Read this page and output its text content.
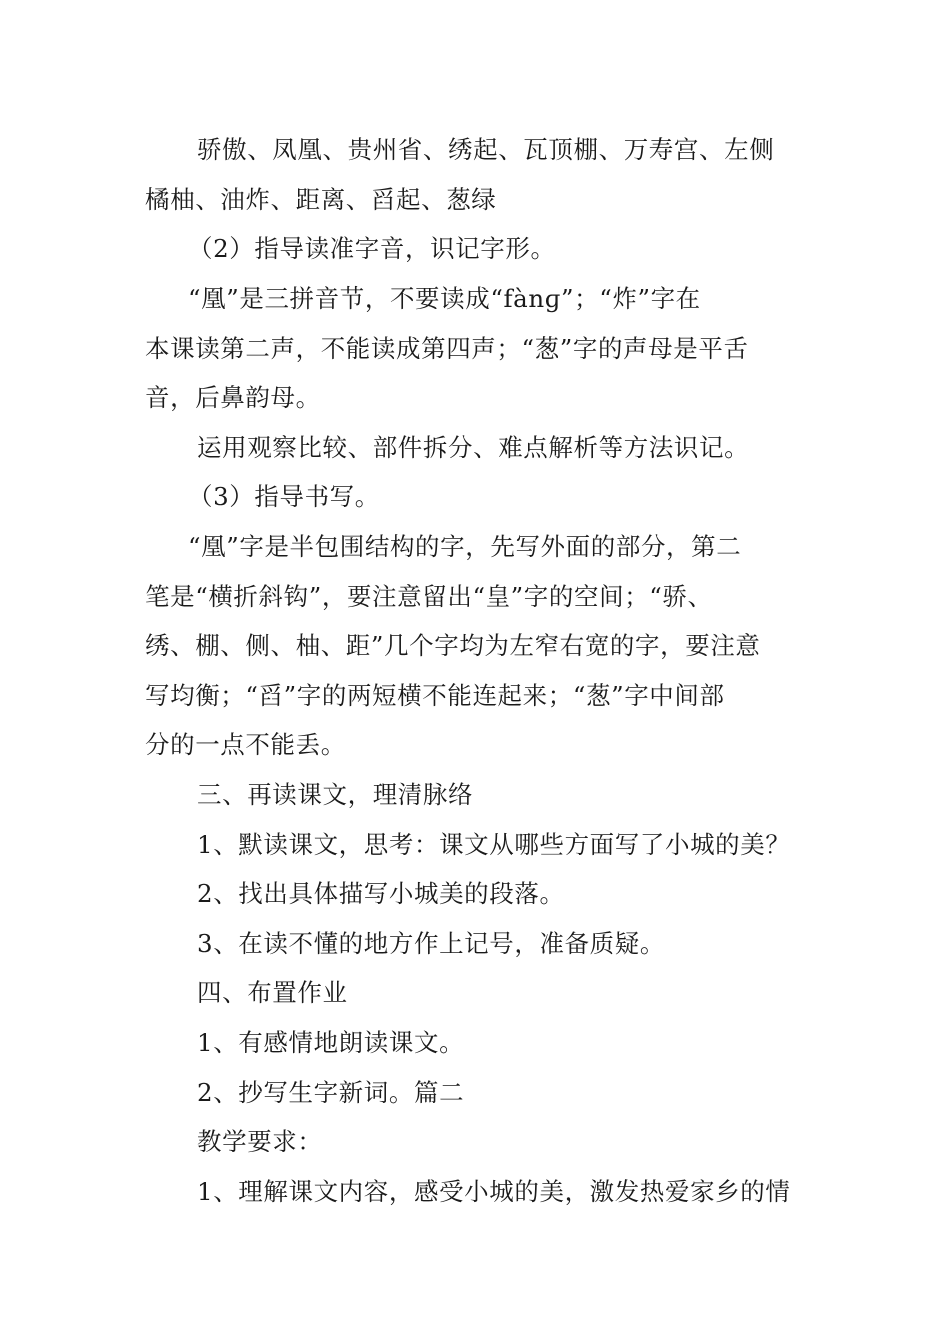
骄傲、凤凰、贵州省、绣起、瓦顶棚、万寿宫、左侧
橘柚、油炸、距离、舀起、葱绿
（2）指导读准字音，识记字形。
“凰”是三拼音节，不要读成“fànɡ”；“炸”字在
本课读第二声，不能读成第四声；“葱”字的声母是平舌
音，后鼻韵母。
运用观察比较、部件拆分、难点解析等方法识记。
（3）指导书写。
“凰”字是半包围结构的字，先写外面的部分，第二
笔是“横折斜钩”，要注意留出“皇”字的空间；“骄、
绣、棚、侧、柚、距”几个字均为左窄右宽的字，要注意
写均衡；“舀”字的两短横不能连起来；“葱”字中间部
分的一点不能丢。
三、再读课文，理清脉络
1、默读课文，思考：课文从哪些方面写了小城的美？
2、找出具体描写小城美的段落。
3、在读不懂的地方作上记号，准备质疑。
四、布置作业
1、有感情地朗读课文。
2、抄写生字新词。篇二
教学要求：
1、理解课文内容，感受小城的美，激发热爱家乡的情
